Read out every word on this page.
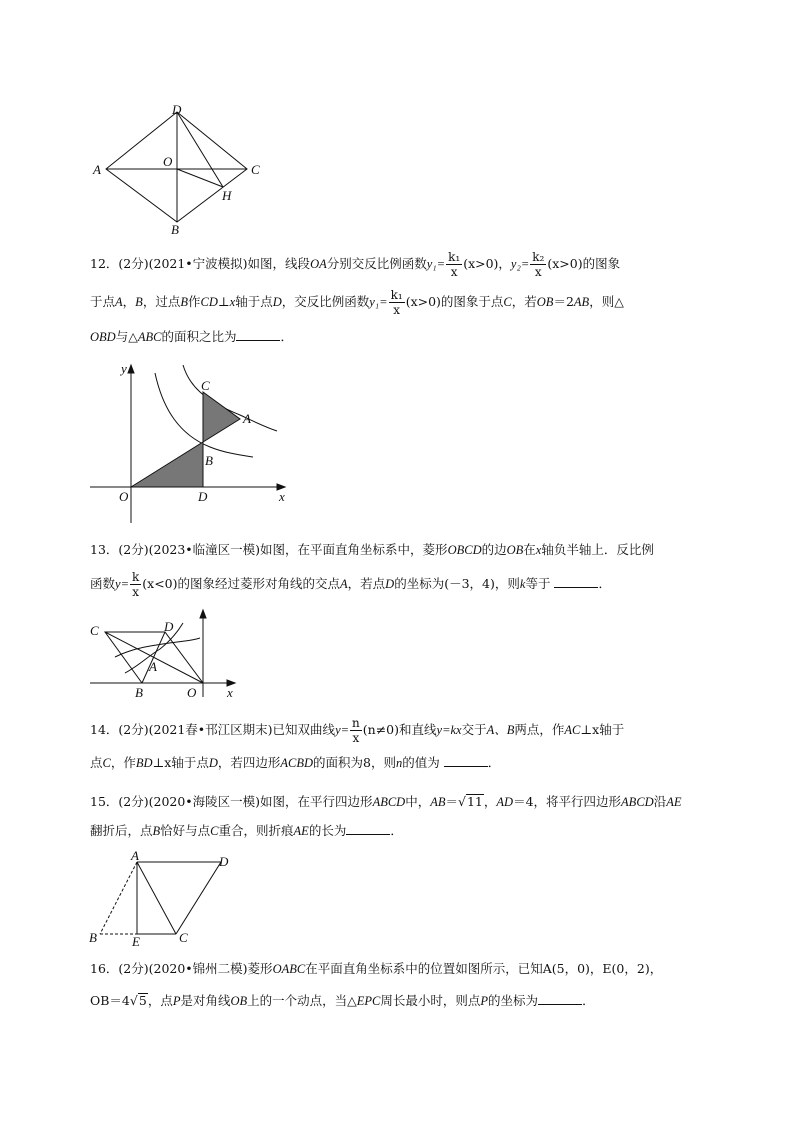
D
A
O
C
H
B
12．(2分)(2021•宁波模拟)如图，线段OA分别交反比例函数$y_1= \frac{\text{k₁}}{x} (x>0)$，$y_2= \frac{\text{k₂}}{x} (x>0)$的图象
于点A，B，过点B作CD⊥x轴于点D，交反比例函数$y_1= \frac{\text{k₁}}{x} (x>0)$的图象于点C，若OB＝2AB，则△
OBD与△ABC的面积之比为	．
y
C
A
B
O	D	x
13．(2分)(2023•临潼区一模)如图，在平面直角坐标系中，菱形OBCD的边OB在x轴负半轴上．反比例
函数$y= \frac{k}{x} (x<0)$的图象经过菱形对角线的交点A，若点D的坐标为(－3，4)，则k等于	．
C	D
A
B	O x
14．(2分)(2021春•邗江区期末)已知双曲线$y= \frac{n}{x} (n\ne 0)$和直线y=kx交于A、B两点，作AC⊥x轴于
点C，作BD⊥x轴于点D，若四边形ACBD的面积为8，则n的值为	．
15．(2分)(2020•海陵区一模)如图，在平行四边形ABCD中，AB＝√11，AD＝4，将平行四边形ABCD沿AE
翻折后，点B恰好与点C重合，则折痕AE的长为	．
A	D
B	E	C
16．(2分)(2020•锦州二模)菱形OABC在平面直角坐标系中的位置如图所示，已知A(5，0)，E(0，2)，
OB＝4√5，点P是对角线OB上的一个动点，当△EPC周长最小时，则点P的坐标为	．
